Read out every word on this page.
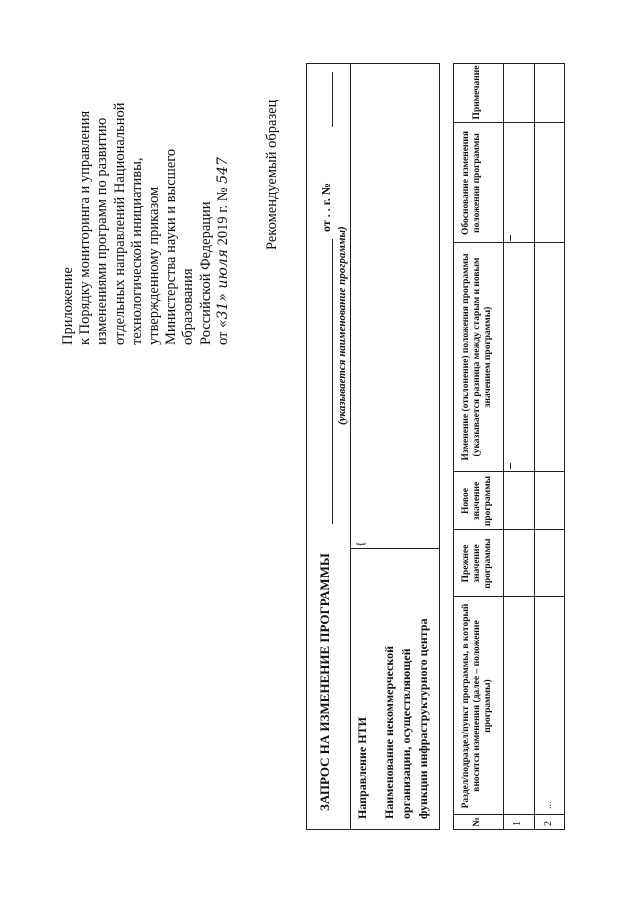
Приложение к Порядку мониторинга и управления изменениями программ по развитию отдельных направлений Национальной технологической инициативы, утвержденному приказом Министерства науки и высшего образования Российской Федерации от «31» июля 2019 г. № 547 Рекомендуемый образец
ЗАПРОС НА ИЗМЕНЕНИЕ ПРОГРАММЫ
от . . г. №
(указывается наименование программы)
Направление НТИ Наименование некоммерческой организации, осуществляющей функции инфраструктурного центра
{
№
Раздел/подраздел/пункт программы, в который вносятся изменения (далее – положение программы)
Прежнее значение программы
Новое значение программы
Изменение (отклонение) положения программы (указывается разница между старым и новым значением программы)
Обоснование изменения положения программы
Примечание
1 2
...
